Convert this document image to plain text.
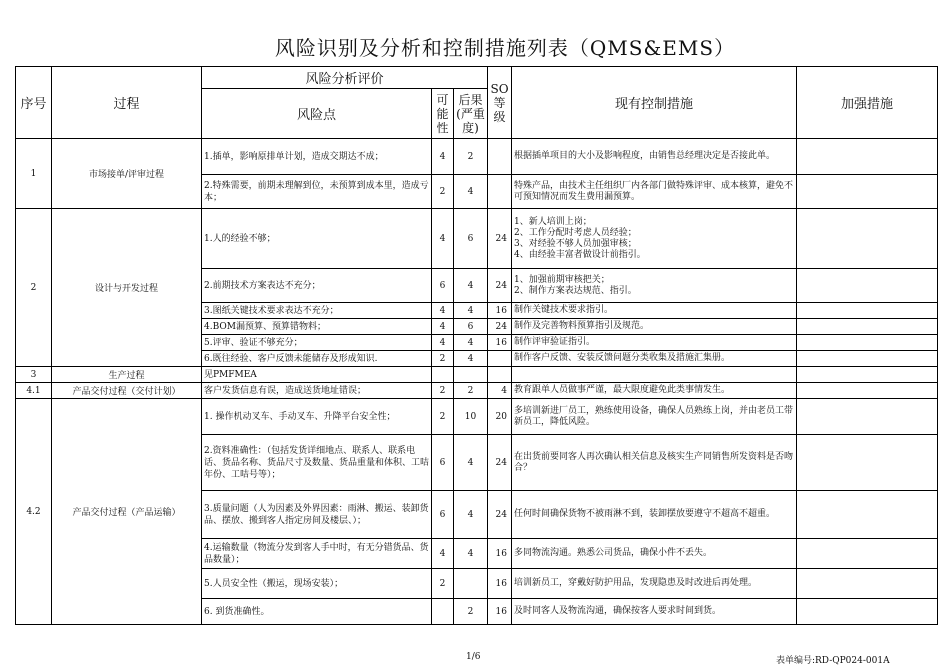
风险识别及分析和控制措施列表（QMS&EMS）
序号	过程	风险分析评价			SO等级	现有控制措施	加强措施
		风险点	可能性	后果(严重度)			
1	市场接单/评审过程	1.插单，影响原排单计划，造成交期达不成；	4	2		根据插单项目的大小及影响程度，由销售总经理决定是否接此单。	

		2.特殊需要，前期未理解到位，未预算到成本里，造成亏本；	2	4		特殊产品，由技术主任组织厂内各部门做特殊评审、成本核算，避免不可预知情况而发生费用漏预算。	

2	设计与开发过程	1.人的经验不够；	4	6	24	1、新人培训上岗；
2、工作分配时考虑人员经验；
3、对经验不够人员加强审核；
4、由经验丰富者做设计前指引。	

		2.前期技术方案表达不充分；	6	4	24	1、加强前期审核把关；
2、制作方案表达规范、指引。	

		3.图纸关键技术要求表达不充分；	4	4	16	制作关键技术要求指引。	

		4.BOM漏预算、预算错物料；	4	6	24	制作及完善物料预算指引及规范。	

		5.评审、验证不够充分；	4	4	16	制作评审验证指引。	

		6.既往经验、客户反馈未能储存及形成知识.	2	4		制作客户反馈、安装反馈问题分类收集及措施汇集册。	

3	生产过程	见PMFMEA				

4.1	产品交付过程（交付计划）	客户发货信息有误，造成送货地址错误；	2	2	4	教育跟单人员做事严谨，最大限度避免此类事情发生。	

4.2	产品交付过程（产品运输）	1. 操作机动叉车、手动叉车、升降平台安全性；	2	10	20	多培训新进厂员工，熟练使用设备，确保人员熟练上岗，并由老员工带新员工，降低风险。	

		2.资料准确性：（包括发货详细地点、联系人、联系电话、货品名称、货品尺寸及数量、货品重量和体积、工咭年份、工咭号等）；	6	4	24	在出货前要同客人再次确认相关信息及核实生产同销售所发资料是否吻合？	

		3.质量问题（人为因素及外界因素：雨淋、搬运、装卸货品、摆放、搬到客人指定房间及楼层、）；	6	4	24	任何时间确保货物不被雨淋不到，装卸摆放要遵守不超高不超重。	

		4.运输数量（物流分发到客人手中时，有无分错货品、货品数量）；	4	4	16	多同物流沟通。熟悉公司货品，确保小件不丢失。	

		5.人员安全性（搬运，现场安装）；	2		16	培训新员工，穿戴好防护用品，发现隐患及时改进后再处理。	

		6. 到货准确性。		2	16	及时同客人及物流沟通，确保按客人要求时间到货。	

1/6	表单编号:RD-QP024-001A
